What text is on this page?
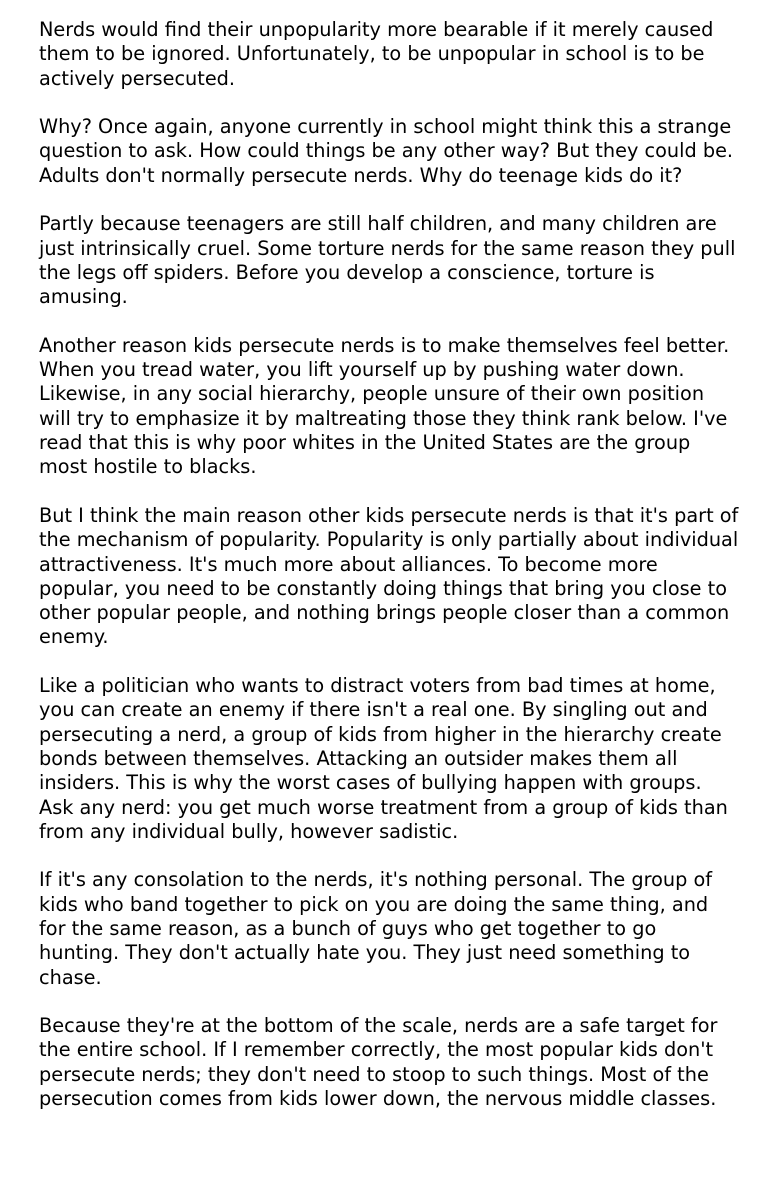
Nerds would find their unpopularity more bearable if it merely caused them to be ignored. Unfortunately, to be unpopular in school is to be actively persecuted.

Why? Once again, anyone currently in school might think this a strange question to ask. How could things be any other way? But they could be. Adults don't normally persecute nerds. Why do teenage kids do it?

Partly because teenagers are still half children, and many children are just intrinsically cruel. Some torture nerds for the same reason they pull the legs off spiders. Before you develop a conscience, torture is amusing.

Another reason kids persecute nerds is to make themselves feel better. When you tread water, you lift yourself up by pushing water down. Likewise, in any social hierarchy, people unsure of their own position will try to emphasize it by maltreating those they think rank below. I've read that this is why poor whites in the United States are the group most hostile to blacks.

But I think the main reason other kids persecute nerds is that it's part of the mechanism of popularity. Popularity is only partially about individual attractiveness. It's much more about alliances. To become more popular, you need to be constantly doing things that bring you close to other popular people, and nothing brings people closer than a common enemy.

Like a politician who wants to distract voters from bad times at home, you can create an enemy if there isn't a real one. By singling out and persecuting a nerd, a group of kids from higher in the hierarchy create bonds between themselves. Attacking an outsider makes them all insiders. This is why the worst cases of bullying happen with groups. Ask any nerd: you get much worse treatment from a group of kids than from any individual bully, however sadistic.

If it's any consolation to the nerds, it's nothing personal. The group of kids who band together to pick on you are doing the same thing, and for the same reason, as a bunch of guys who get together to go hunting. They don't actually hate you. They just need something to chase.

Because they're at the bottom of the scale, nerds are a safe target for the entire school. If I remember correctly, the most popular kids don't persecute nerds; they don't need to stoop to such things. Most of the persecution comes from kids lower down, the nervous middle classes.
